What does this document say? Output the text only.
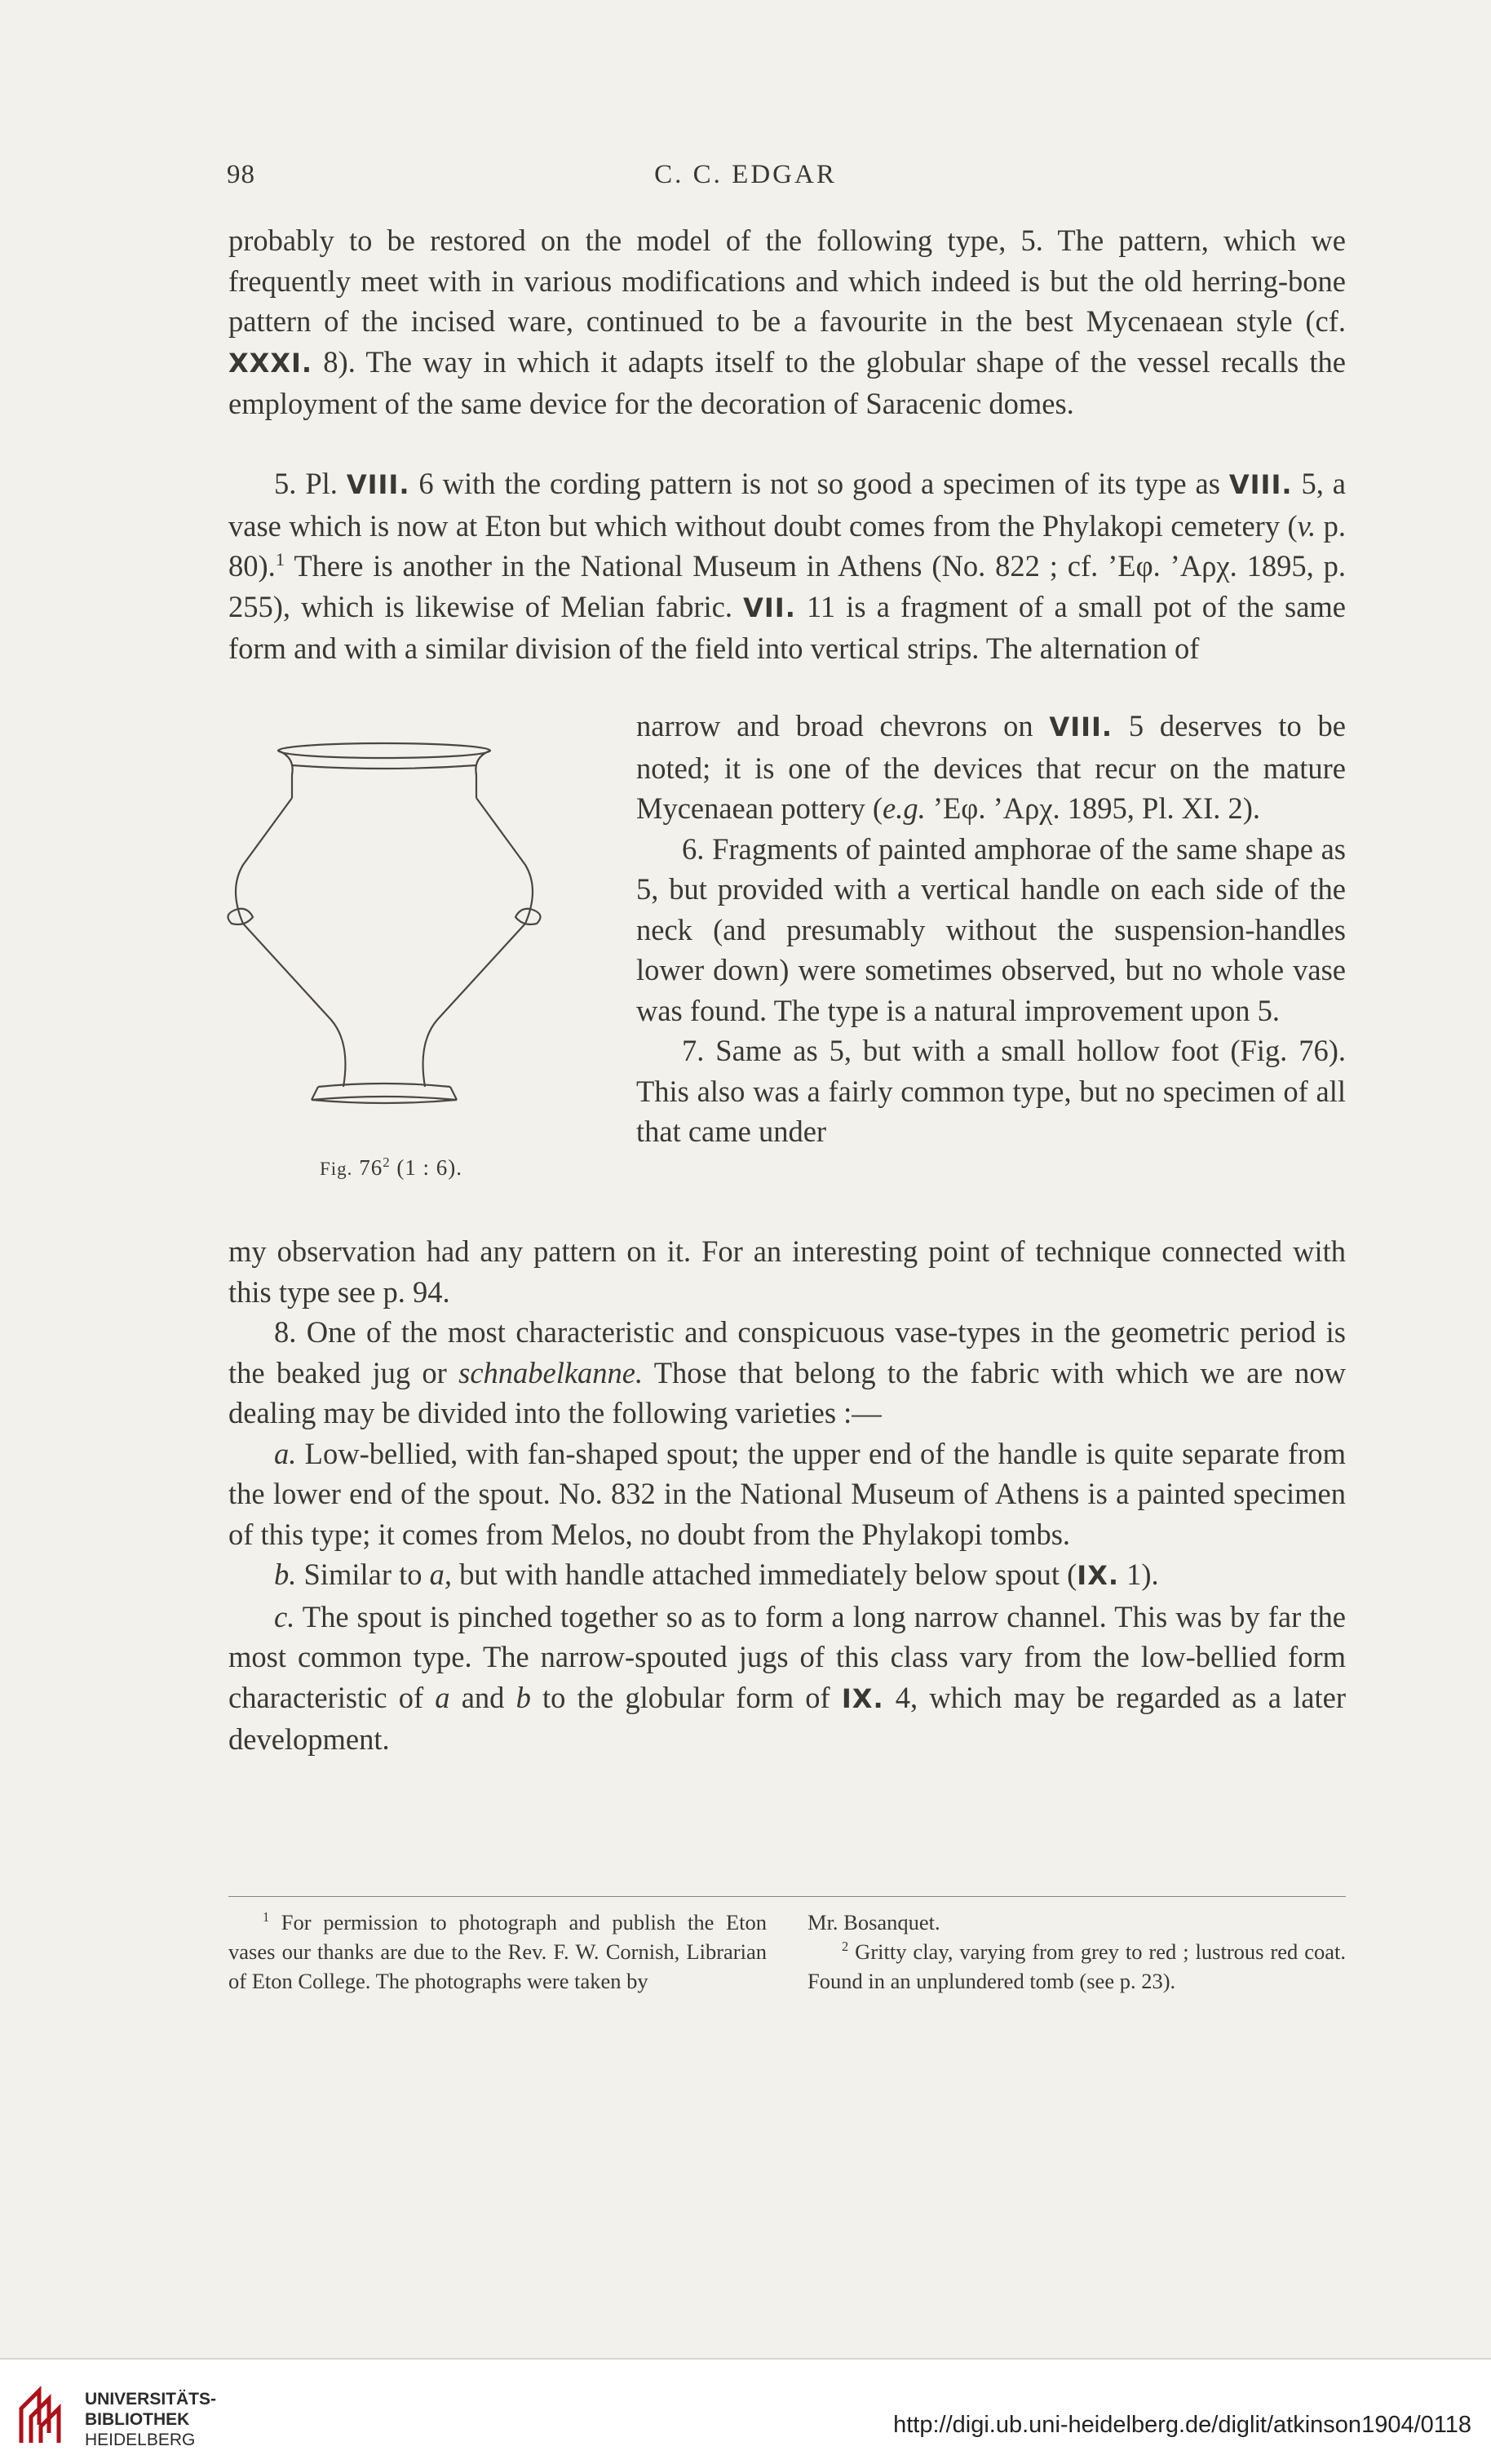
98	C. C. EDGAR

probably to be restored on the model of the following type, 5. The pattern, which we frequently meet with in various modifications and which indeed is but the old herring-bone pattern of the incised ware, continued to be a favourite in the best Mycenaean style (cf. XXXI. 8). The way in which it adapts itself to the globular shape of the vessel recalls the employment of the same device for the decoration of Saracenic domes.

5. Pl. VIII. 6 with the cording pattern is not so good a specimen of its type as VIII. 5, a vase which is now at Eton but which without doubt comes from the Phylakopi cemetery (v. p. 80).$^1$ There is another in the National Museum in Athens (No. 822 ; cf. ’Εφ. ’Αρχ. 1895, p. 255), which is likewise of Melian fabric. VII. 11 is a fragment of a small pot of the same form and with a similar division of the field into vertical strips. The alternation of

Fig. $76^2$ (1 : 6).

narrow and broad chevrons on VIII. 5 deserves to be noted; it is one of the devices that recur on the mature Mycenaean pottery (e.g. ’Εφ. ’Αρχ. 1895, Pl. XI. 2).

6. Fragments of painted amphorae of the same shape as 5, but provided with a vertical handle on each side of the neck (and presumably without the suspension-handles lower down) were sometimes observed, but no whole vase was found. The type is a natural improvement upon 5.

7. Same as 5, but with a small hollow foot (Fig. 76). This also was a fairly common type, but no specimen of all that came under

my observation had any pattern on it. For an interesting point of technique connected with this type see p. 94.

8. One of the most characteristic and conspicuous vase-types in the geometric period is the beaked jug or schnabelkanne. Those that belong to the fabric with which we are now dealing may be divided into the following varieties :—

a. Low-bellied, with fan-shaped spout; the upper end of the handle is quite separate from the lower end of the spout. No. 832 in the National Museum of Athens is a painted specimen of this type; it comes from Melos, no doubt from the Phylakopi tombs.

b. Similar to a, but with handle attached immediately below spout (IX. 1).

c. The spout is pinched together so as to form a long narrow channel. This was by far the most common type. The narrow-spouted jugs of this class vary from the low-bellied form characteristic of a and b to the globular form of IX. 4, which may be regarded as a later development.

$^1$ For permission to photograph and publish the Eton vases our thanks are due to the Rev. F. W. Cornish, Librarian of Eton College. The photographs were taken by

Mr. Bosanquet.

$^2$ Gritty clay, varying from grey to red ; lustrous red coat. Found in an unplundered tomb (see p. 23).

UNIVERSITÄTS-
BIBLIOTHEK
HEIDELBERG
http://digi.ub.uni-heidelberg.de/diglit/atkinson1904/0118
